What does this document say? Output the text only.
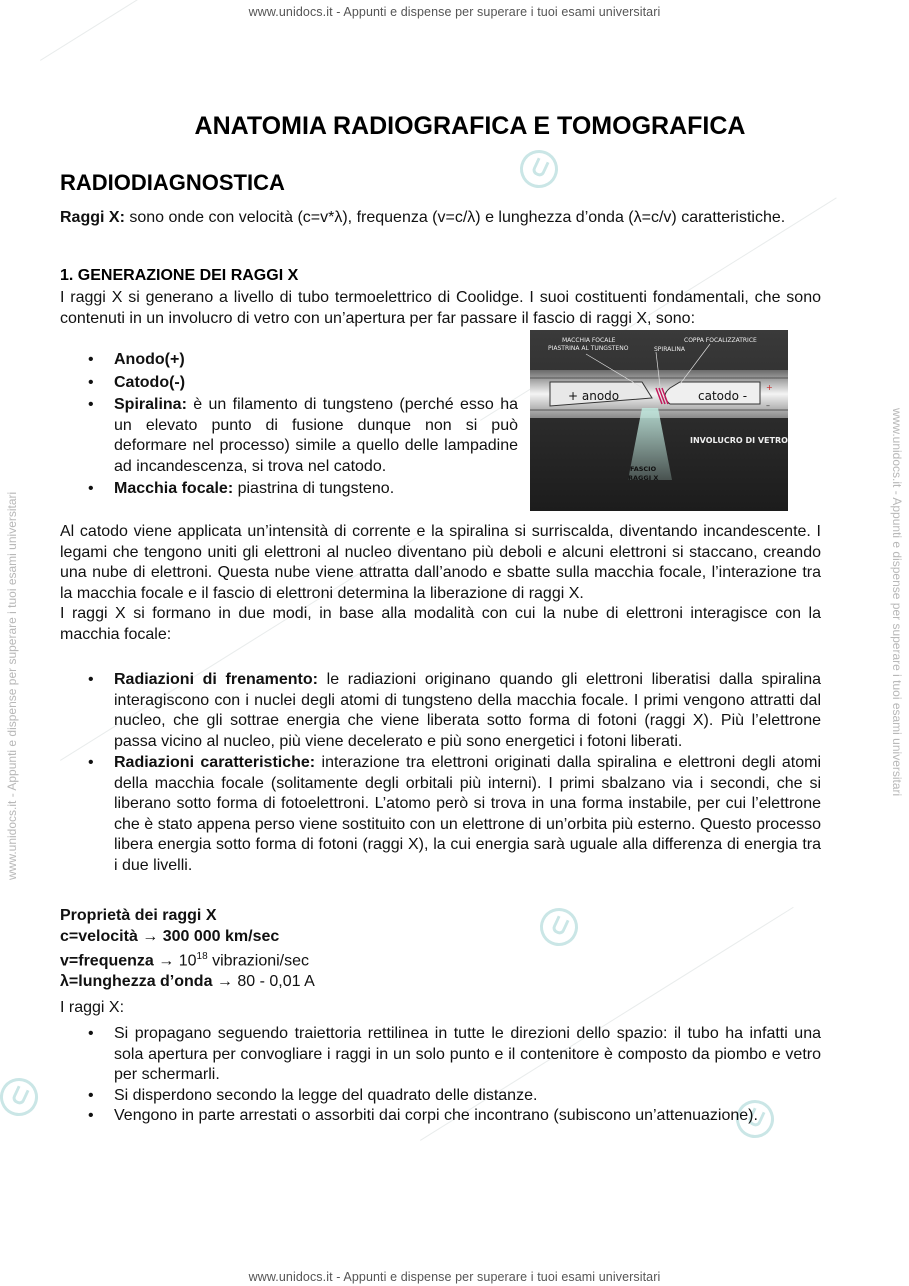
www.unidocs.it - Appunti e dispense per superare i tuoi esami universitari
www.unidocs.it - Appunti e dispense per superare i tuoi esami universitari
www.unidocs.it - Appunti e dispense per superare i tuoi esami universitari	www.unidocs.it - Appunti e dispense per superare i tuoi esami universitari
ANATOMIA RADIOGRAFICA E TOMOGRAFICA
RADIODIAGNOSTICA

Raggi X: sono onde con velocità (c=v*λ), frequenza (v=c/λ) e lunghezza d’onda (λ=c/v) caratteristiche.

1. GENERAZIONE DEI RAGGI X

I raggi X si generano a livello di tubo termoelettrico di Coolidge. I suoi costituenti fondamentali, che sono contenuti in un involucro di vetro con un’apertura per far passare il fascio di raggi X, sono:

• Anodo(+)
• Catodo(-)
• Spiralina: è un filamento di tungsteno (perché esso ha un elevato punto di fusione dunque non si può deformare nel processo) simile a quello delle lampadine ad incandescenza, si trova nel catodo.
• Macchia focale: piastrina di tungsteno.

Al catodo viene applicata un’intensità di corrente e la spiralina si surriscalda, diventando incandescente. I legami che tengono uniti gli elettroni al nucleo diventano più deboli e alcuni elettroni si staccano, creando una nube di elettroni. Questa nube viene attratta dall’anodo e sbatte sulla macchia focale, l’interazione tra la macchia focale e il fascio di elettroni determina la liberazione di raggi X.

I raggi X si formano in due modi, in base alla modalità con cui la nube di elettroni interagisce con la macchia focale:

• Radiazioni di frenamento: le radiazioni originano quando gli elettroni liberatisi dalla spiralina interagiscono con i nuclei degli atomi di tungsteno della macchia focale. I primi vengono attratti dal nucleo, che gli sottrae energia che viene liberata sotto forma di fotoni (raggi X). Più l’elettrone passa vicino al nucleo, più viene decelerato e più sono energetici i fotoni liberati.
• Radiazioni caratteristiche: interazione tra elettroni originati dalla spiralina e elettroni degli atomi della macchia focale (solitamente degli orbitali più interni). I primi sbalzano via i secondi, che si liberano sotto forma di fotoelettroni. L’atomo però si trova in una forma instabile, per cui l’elettrone che è stato appena perso viene sostituito con un elettrone di un’orbita più esterno. Questo processo libera energia sotto forma di fotoni (raggi X), la cui energia sarà uguale alla differenza di energia tra i due livelli.

Proprietà dei raggi X

c=velocità → 300 000 km/sec

v=frequenza → $10^{18}$ vibrazioni/sec

λ=lunghezza d’onda → 80 - 0,01 A

I raggi X:

• Si propagano seguendo traiettoria rettilinea in tutte le direzioni dello spazio: il tubo ha infatti una sola apertura per convogliare i raggi in un solo punto e il contenitore è composto da piombo e vetro per schermarli.
• Si disperdono secondo la legge del quadrato delle distanze.
• Vengono in parte arrestati o assorbiti dai corpi che incontrano (subiscono un’attenuazione).
MACCHIA FOCALE
PIASTRINA AL TUNGSTENO	SPIRALINA
COPPA FOCALIZZATRICE
+ anodo	catodo -
+
–
INVOLUCRO DI VETRO
FASCIO
RAGGI X
